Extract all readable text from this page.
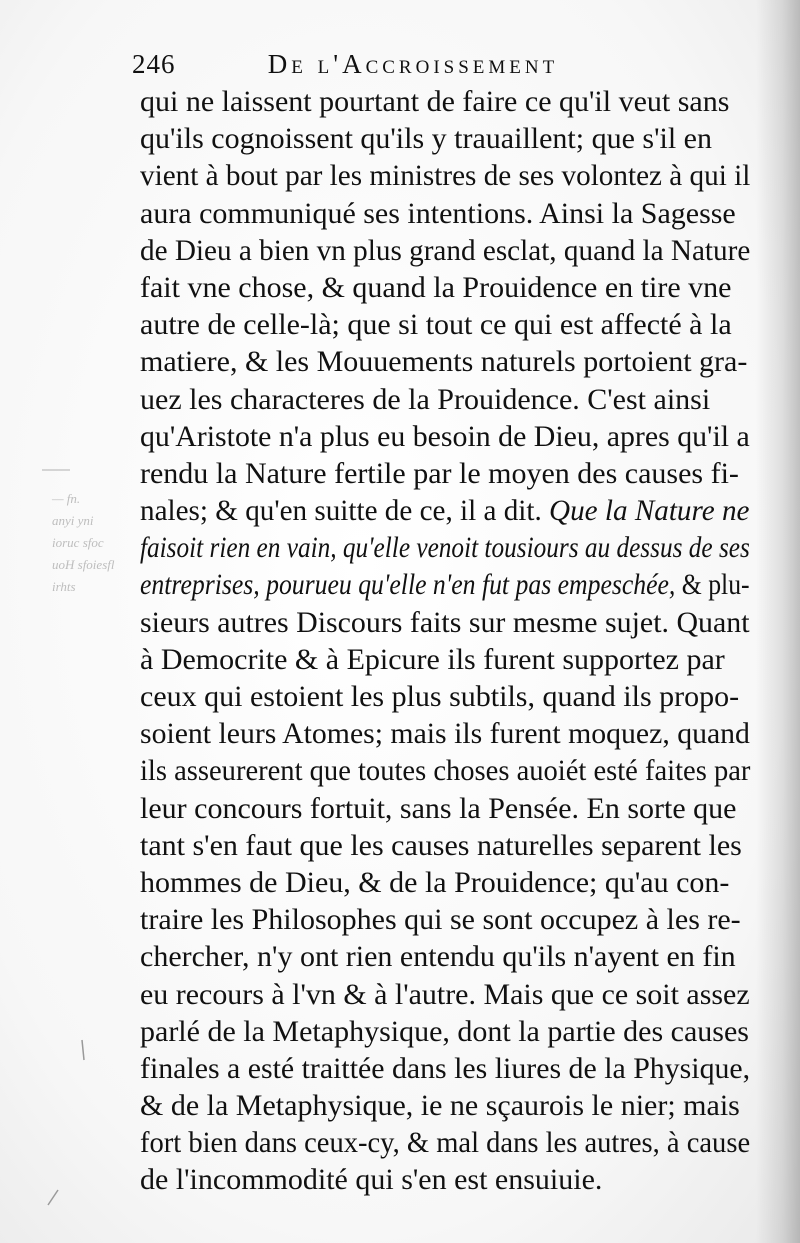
246	De l'Accroissement
— fn.
anyi yni
ioruc sfoc
uoH sfoiesfl
irhts
qui ne laissent pourtant de faire ce qu'il veut sans
qu'ils cognoissent qu'ils y trauaillent; que s'il en
vient à bout par les ministres de ses volontez à qui il
aura communiqué ses intentions. Ainsi la Sagesse
de Dieu a bien vn plus grand esclat, quand la Nature
fait vne chose, & quand la Prouidence en tire vne
autre de celle-là; que si tout ce qui est affecté à la
matiere, & les Mouuements naturels portoient gra-
uez les characteres de la Prouidence. C'est ainsi
qu'Aristote n'a plus eu besoin de Dieu, apres qu'il a
rendu la Nature fertile par le moyen des causes fi-
nales; & qu'en suitte de ce, il a dit.
Que la Nature ne
faisoit rien en vain, qu'elle venoit tousiours au dessus de ses
entreprises, pourueu qu'elle n'en fut pas empeschée,
& plu-
sieurs autres Discours faits sur mesme sujet. Quant
à Democrite & à Epicure ils furent supportez par
ceux qui estoient les plus subtils, quand ils propo-
soient leurs Atomes; mais ils furent moquez, quand
ils asseurerent que toutes choses auoiét esté faites par
leur concours fortuit, sans la Pensée. En sorte que
tant s'en faut que les causes naturelles separent les
hommes de Dieu, & de la Prouidence; qu'au con-
traire les Philosophes qui se sont occupez à les re-
chercher, n'y ont rien entendu qu'ils n'ayent en fin
eu recours à l'vn & à l'autre. Mais que ce soit assez
parlé de la Metaphysique, dont la partie des causes
finales a esté traittée dans les liures de la Physique,
& de la Metaphysique, ie ne sçaurois le nier; mais
fort bien dans ceux-cy, & mal dans les autres, à cause
de l'incommodité qui s'en est ensuiuie.
